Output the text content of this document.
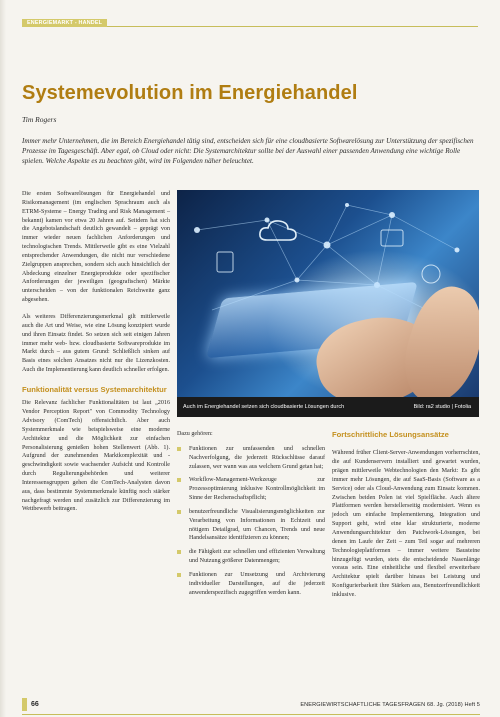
ENERGIEMARKT - HANDEL
Systemevolution im Energiehandel
Tim Rogers

Immer mehr Unternehmen, die im Bereich Energiehandel tätig sind, entscheiden sich für eine cloudbasierte Softwarelösung zur Unterstützung der spezifischen Prozesse im Tagesgeschäft. Aber egal, ob Cloud oder nicht: Die Systemarchitektur sollte bei der Auswahl einer passenden Anwendung eine wichtige Rolle spielen. Welche Aspekte es zu beachten gibt, wird im Folgenden näher beleuchtet.

Die ersten Softwarelösungen für Energiehandel und Risikomanagement (im englischen Sprachraum auch als ETRM-Systeme – Energy Trading and Risk Management – bekannt) kamen vor etwa 20 Jahren auf. Seitdem hat sich die Angebotslandschaft deutlich gewandelt – geprägt von immer wieder neuen fachlichen Anforderungen und technologischen Trends. Mittlerweile gibt es eine Vielzahl entsprechender Anwendungen, die nicht nur verschiedene Zielgruppen ansprechen, sondern sich auch hinsichtlich der Abdeckung einzelner Energieprodukte oder spezifischer Anforderungen der jeweiligen (geografischen) Märkte unterscheiden – von der funktionalen Reichweite ganz abgesehen.

Als weiteres Differenzierungsmerkmal gilt mittlerweile auch die Art und Weise, wie eine Lösung konzipiert wurde und ihren Einsatz findet. So setzen sich seit einigen Jahren immer mehr web- bzw. cloudbasierte Softwareprodukte im Markt durch – aus gutem Grund: Schließlich sinken auf Basis eines solchen Ansatzes nicht nur die Lizenzkosten. Auch die Implementierung kann deutlich schneller erfolgen.

Funktionalität versus Systemarchitektur

Die Relevanz fachlicher Funktionalitäten ist laut „2016 Vendor Perception Report" von Commodity Technology Advisory (ComTech) offensichtlich. Aber auch Systemmerkmale wie beispielsweise eine moderne Architektur und die Möglichkeit zur einfachen Personalisierung genießen hohen Stellenwert (Abb. 1). Aufgrund der zunehmenden Marktkomplexität und -geschwindigkeit sowie wachsender Aufsicht und Kontrolle durch Regulierungsbehörden und weiterer Interessensgruppen gehen die ComTech-Analysten davon aus, dass bestimmte Systemmerkmale künftig noch stärker nachgefragt werden und zusätzlich zur Differenzierung im Wettbewerb beitragen.

Auch im Energiehandel setzen sich cloudbasierte Lösungen durch	Bild: ra2 studio | Fotolia

Dazu gehören:

Funktionen zur umfassenden und schnellen Nachverfolgung, die jederzeit Rückschlüsse darauf zulassen, wer wann was aus welchem Grund getan hat;
Workflow-Management-Werkzeuge zur Prozessoptimierung inklusive Kontrollmöglichkeit im Sinne der Rechenschaftspflicht;
benutzerfreundliche Visualisierungsmöglichkeiten zur Verarbeitung von Informationen in Echtzeit und nötigem Detailgrad, um Chancen, Trends und neue Handelsansätze identifizieren zu können;
die Fähigkeit zur schnellen und effizienten Verwaltung und Nutzung größerer Datenmengen;
Funktionen zur Umsetzung und Archivierung individueller Darstellungen, auf die jederzeit anwenderspezifisch zugegriffen werden kann.
Fortschrittliche Lösungsansätze

Während früher Client-Server-Anwendungen vorherrschten, die auf Kundenservern installiert und gewartet wurden, prägen mittlerweile Webtechnologien den Markt: Es gibt immer mehr Lösungen, die auf SaaS-Basis (Software as a Service) oder als Cloud-Anwendung zum Einsatz kommen. Zwischen beiden Polen ist viel Spielfläche. Auch ältere Plattformen werden herstellerseitig modernisiert. Wenn es jedoch um einfache Implementierung, Integration und Support geht, wird eine klar strukturierte, moderne Anwendungsarchitektur den Patchwork-Lösungen, bei denen im Laufe der Zeit – zum Teil sogar auf mehreren Technologieplattformen – immer weitere Bausteine hinzugefügt wurden, stets die entscheidende Nasenlänge voraus sein. Eine einheitliche und flexibel erweiterbare Architektur spielt darüber hinaus bei Leistung und Konfigurierbarkeit ihre Stärken aus, Benutzerfreundlichkeit inklusive.

66	ENERGIEWIRTSCHAFTLICHE TAGESFRAGEN 68. Jg. (2018) Heft 5
